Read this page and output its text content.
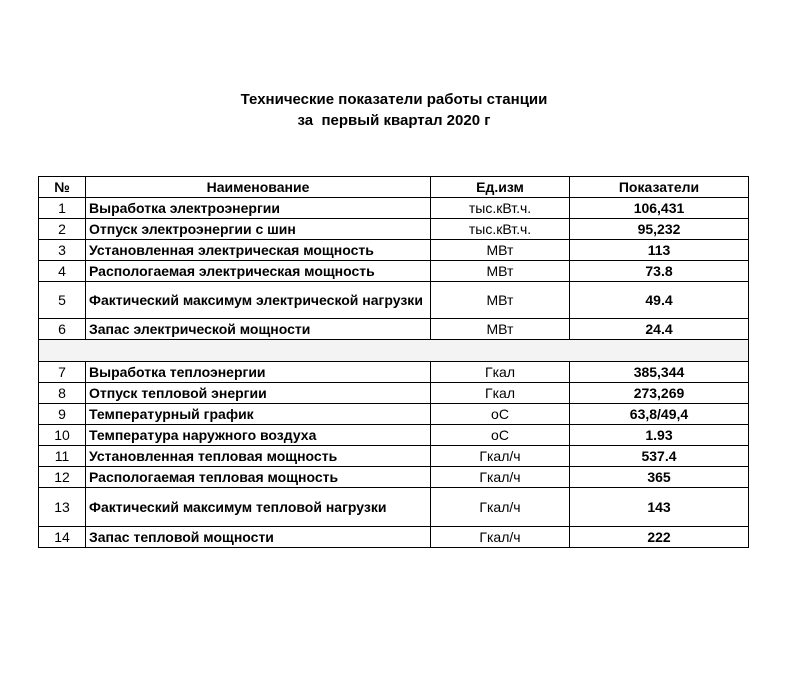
Технические показатели работы станции
за  первый квартал 2020 г
№	Наименование	Ед.изм	Показатели
1	Выработка электроэнергии	тыс.кВт.ч.	106,431
2	Отпуск электроэнергии с шин	тыс.кВт.ч.	95,232
3	Установленная электрическая мощность	МВт	113
4	Распологаемая электрическая мощность	МВт	73.8
5	Фактический максимум электрической нагрузки	МВт	49.4
6	Запас электрической мощности	МВт	24.4

7	Выработка теплоэнергии	Гкал	385,344
8	Отпуск тепловой энергии	Гкал	273,269
9	Температурный график	оС	63,8/49,4
10	Температура наружного воздуха	оС	1.93
11	Установленная тепловая мощность	Гкал/ч	537.4
12	Распологаемая тепловая мощность	Гкал/ч	365
13	Фактический максимум тепловой нагрузки	Гкал/ч	143
14	Запас тепловой мощности	Гкал/ч	222
